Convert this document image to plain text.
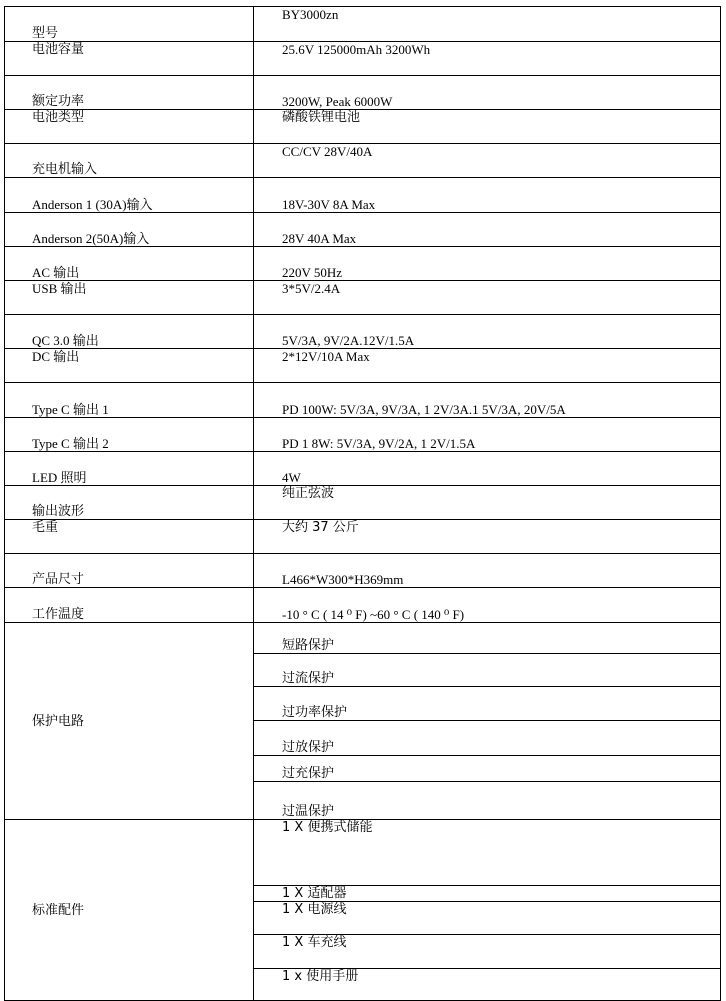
型号	BY3000zn
电池容量	25.6V 125000mAh 3200Wh
额定功率	3200W, Peak 6000W
电池类型	磷酸铁锂电池
充电机输入	CC/CV 28V/40A
Anderson 1 (30A)输入	18V-30V 8A Max
Anderson 2(50A)输入	28V 40A Max
AC 输出	220V 50Hz
USB 输出	3*5V/2.4A
QC 3.0 输出	5V/3A, 9V/2A.12V/1.5A
DC 输出	2*12V/10A Max
Type C 输出 1	PD 100W: 5V/3A, 9V/3A, 1 2V/3A.1 5V/3A, 20V/5A
Type C 输出 2	PD 1 8W: 5V/3A, 9V/2A, 1 2V/1.5A
LED 照明	4W
输出波形	纯正弦波
毛重	大约 37 公斤
产品尺寸	L466*W300*H369mm
工作温度	-10 ° C ( 14 ⁰ F) ~60 ° C ( 140 ⁰ F)
保护电路	短路保护
	过流保护
	过功率保护
	过放保护
	过充保护
	过温保护
标准配件	1 X 便携式储能
	1 X 适配器
	1 X 电源线
	1 X 车充线
	1 x 使用手册
